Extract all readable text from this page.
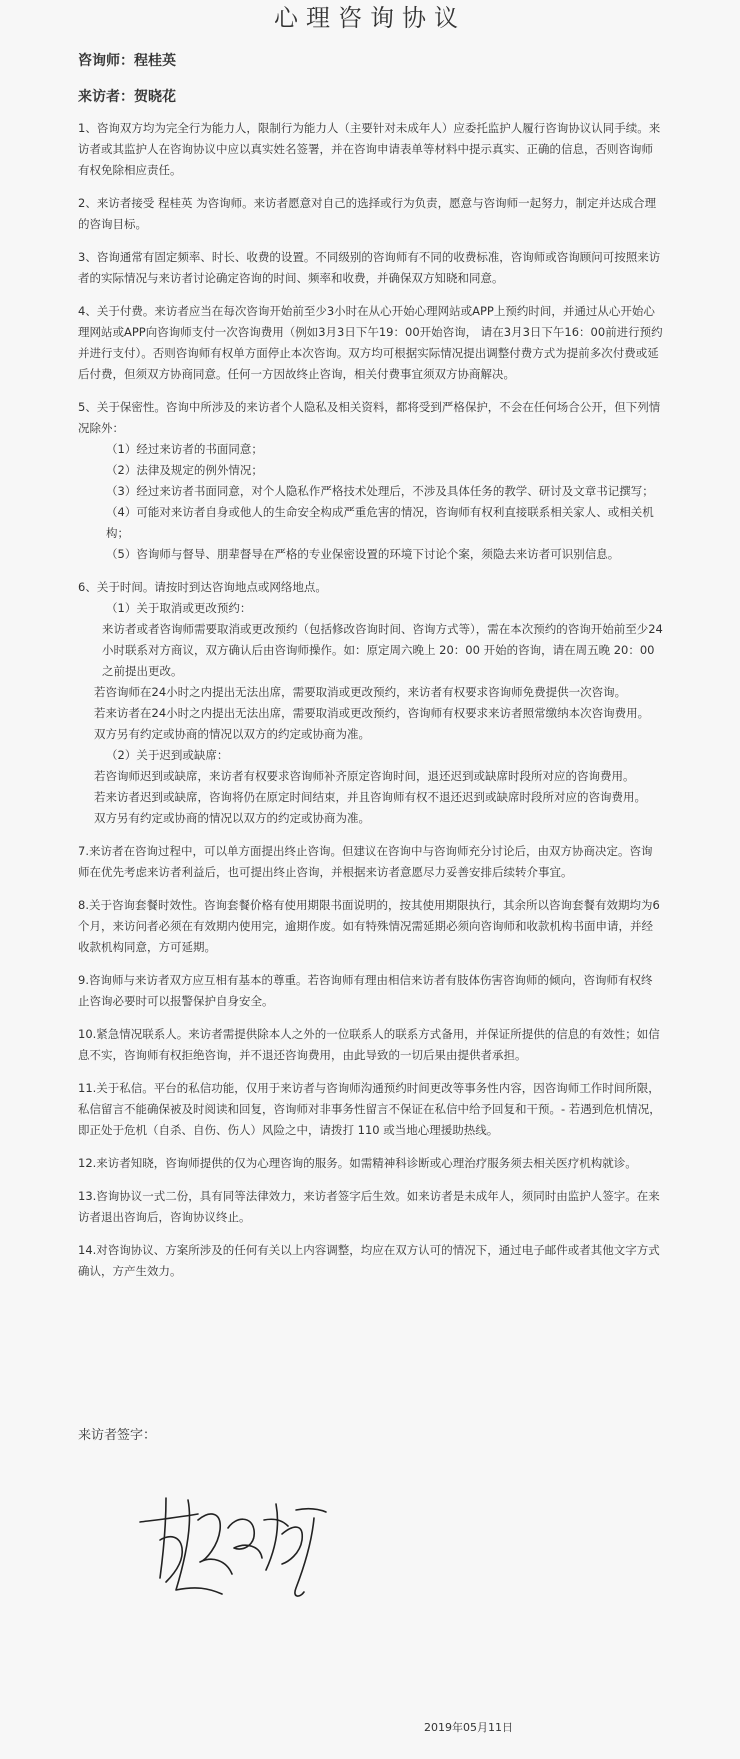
心理咨询协议
咨询师：程桂英
来访者：贺晓花

1、咨询双方均为完全行为能力人，限制行为能力人（主要针对未成年人）应委托监护人履行咨询协议认同手续。来访者或其监护人在咨询协议中应以真实姓名签署，并在咨询申请表单等材料中提示真实、正确的信息，否则咨询师有权免除相应责任。

2、来访者接受 程桂英 为咨询师。来访者愿意对自己的选择或行为负责，愿意与咨询师一起努力，制定并达成合理的咨询目标。

3、咨询通常有固定频率、时长、收费的设置。不同级别的咨询师有不同的收费标准，咨询师或咨询顾问可按照来访者的实际情况与来访者讨论确定咨询的时间、频率和收费，并确保双方知晓和同意。

4、关于付费。来访者应当在每次咨询开始前至少3小时在从心开始心理网站或APP上预约时间，并通过从心开始心理网站或APP向咨询师支付一次咨询费用（例如3月3日下午19：00开始咨询， 请在3月3日下午16：00前进行预约并进行支付）。否则咨询师有权单方面停止本次咨询。双方均可根据实际情况提出调整付费方式为提前多次付费或延后付费，但须双方协商同意。任何一方因故终止咨询，相关付费事宜须双方协商解决。

5、关于保密性。咨询中所涉及的来访者个人隐私及相关资料，都将受到严格保护，不会在任何场合公开，但下列情况除外：

（1）经过来访者的书面同意；

（2）法律及规定的例外情况；

（3）经过来访者书面同意，对个人隐私作严格技术处理后，不涉及具体任务的教学、研讨及文章书记撰写；

（4）可能对来访者自身或他人的生命安全构成严重危害的情况，咨询师有权利直接联系相关家人、或相关机构；

（5）咨询师与督导、朋辈督导在严格的专业保密设置的环境下讨论个案，须隐去来访者可识别信息。

6、关于时间。请按时到达咨询地点或网络地点。

（1）关于取消或更改预约：

来访者或者咨询师需要取消或更改预约（包括修改咨询时间、咨询方式等），需在本次预约的咨询开始前至少24小时联系对方商议，双方确认后由咨询师操作。如：原定周六晚上 20：00 开始的咨询，请在周五晚 20：00 之前提出更改。

若咨询师在24小时之内提出无法出席，需要取消或更改预约，来访者有权要求咨询师免费提供一次咨询。

若来访者在24小时之内提出无法出席，需要取消或更改预约，咨询师有权要求来访者照常缴纳本次咨询费用。

双方另有约定或协商的情况以双方的约定或协商为准。

（2）关于迟到或缺席：

若咨询师迟到或缺席，来访者有权要求咨询师补齐原定咨询时间，退还迟到或缺席时段所对应的咨询费用。

若来访者迟到或缺席，咨询将仍在原定时间结束，并且咨询师有权不退还迟到或缺席时段所对应的咨询费用。

双方另有约定或协商的情况以双方的约定或协商为准。

7.来访者在咨询过程中，可以单方面提出终止咨询。但建议在咨询中与咨询师充分讨论后，由双方协商决定。咨询师在优先考虑来访者利益后，也可提出终止咨询，并根据来访者意愿尽力妥善安排后续转介事宜。

8.关于咨询套餐时效性。咨询套餐价格有使用期限书面说明的，按其使用期限执行，其余所以咨询套餐有效期均为6个月，来访问者必须在有效期内使用完，逾期作废。如有特殊情况需延期必须向咨询师和收款机构书面申请，并经收款机构同意，方可延期。

9.咨询师与来访者双方应互相有基本的尊重。若咨询师有理由相信来访者有肢体伤害咨询师的倾向，咨询师有权终止咨询必要时可以报警保护自身安全。

10.紧急情况联系人。来访者需提供除本人之外的一位联系人的联系方式备用，并保证所提供的信息的有效性；如信息不实，咨询师有权拒绝咨询，并不退还咨询费用，由此导致的一切后果由提供者承担。

11.关于私信。平台的私信功能，仅用于来访者与咨询师沟通预约时间更改等事务性内容，因咨询师工作时间所限，私信留言不能确保被及时阅读和回复，咨询师对非事务性留言不保证在私信中给予回复和干预。- 若遇到危机情况，即正处于危机（自杀、自伤、伤人）风险之中，请拨打 110 或当地心理援助热线。

12.来访者知晓，咨询师提供的仅为心理咨询的服务。如需精神科诊断或心理治疗服务须去相关医疗机构就诊。

13.咨询协议一式二份，具有同等法律效力，来访者签字后生效。如来访者是未成年人，须同时由监护人签字。在来访者退出咨询后，咨询协议终止。

14.对咨询协议、方案所涉及的任何有关以上内容调整，均应在双方认可的情况下，通过电子邮件或者其他文字方式确认，方产生效力。

来访者签字：
2019年05月11日
